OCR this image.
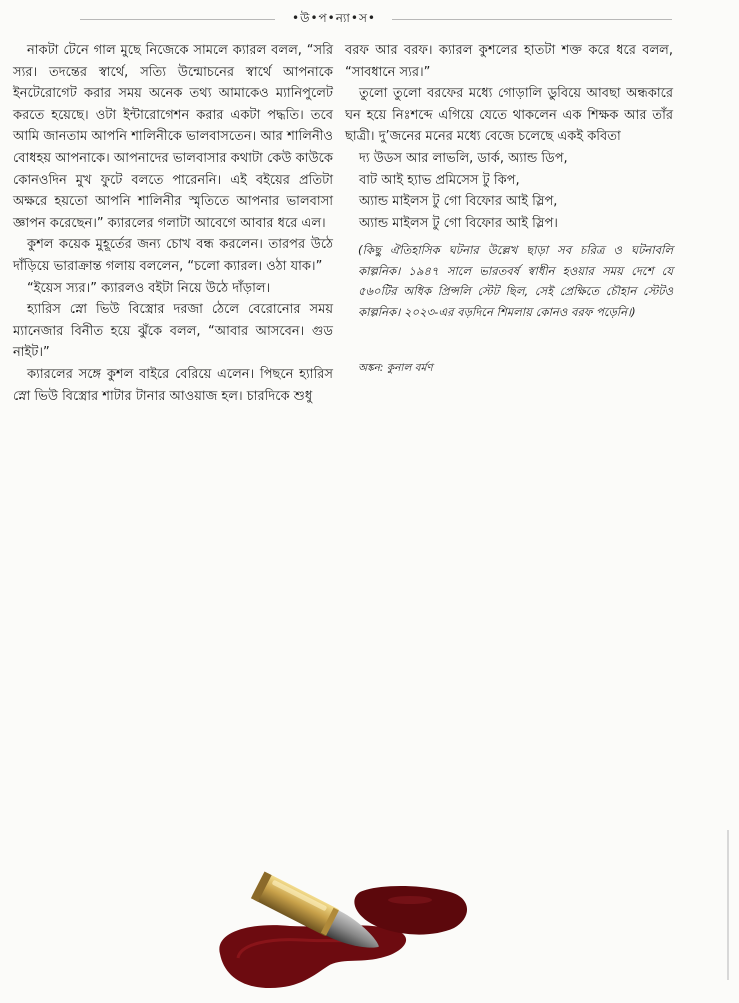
•উ•প•ন্যা•স•

নাকটা টেনে গাল মুছে নিজেকে সামলে ক্যারল বলল, “সরি স্যর। তদন্তের স্বার্থে, সত্যি উন্মোচনের স্বার্থে আপনাকে ইনটেরোগেট করার সময় অনেক তথ্য আমাকেও ম্যানিপুলেট করতে হয়েছে। ওটা ইন্টারোগেশন করার একটা পদ্ধতি। তবে আমি জানতাম আপনি শালিনীকে ভালবাসতেন। আর শালিনীও বোধহয় আপনাকে। আপনাদের ভালবাসার কথাটা কেউ কাউকে কোনওদিন মুখ ফুটে বলতে পারেননি। এই বইয়ের প্রতিটা অক্ষরে হয়তো আপনি শালিনীর স্মৃতিতে আপনার ভালবাসা জ্ঞাপন করেছেন।” ক্যারলের গলাটা আবেগে আবার ধরে এল।

কুশল কয়েক মুহূর্তের জন্য চোখ বন্ধ করলেন। তারপর উঠে দাঁড়িয়ে ভারাক্রান্ত গলায় বললেন, “চলো ক্যারল। ওঠা যাক।”

“ইয়েস স্যর।” ক্যারলও বইটা নিয়ে উঠে দাঁড়াল।

হ্যারিস স্নো ভিউ বিস্ত্রোর দরজা ঠেলে বেরোনোর সময় ম্যানেজার বিনীত হয়ে ঝুঁকে বলল, “আবার আসবেন। গুড নাইট।”

ক্যারলের সঙ্গে কুশল বাইরে বেরিয়ে এলেন। পিছনে হ্যারিস স্নো ভিউ বিস্ত্রোর শাটার টানার আওয়াজ হল। চারদিকে শুধু

বরফ আর বরফ। ক্যারল কুশলের হাতটা শক্ত করে ধরে বলল, “সাবধানে স্যর।”

তুলো তুলো বরফের মধ্যে গোড়ালি ডুবিয়ে আবছা অন্ধকারে ঘন হয়ে নিঃশব্দে এগিয়ে যেতে থাকলেন এক শিক্ষক আর তাঁর ছাত্রী। দু’জনের মনের মধ্যে বেজে চলেছে একই কবিতা

দ্য উডস আর লাভলি, ডার্ক, অ্যান্ড ডিপ,
বাট আই হ্যাভ প্রমিসেস টু কিপ,
অ্যান্ড মাইলস টু গো বিফোর আই স্লিপ,
অ্যান্ড মাইলস টু গো বিফোর আই স্লিপ।
(কিছু ঐতিহাসিক ঘটনার উল্লেখ ছাড়া সব চরিত্র ও ঘটনাবলি কাল্পনিক। ১৯৪৭ সালে ভারতবর্ষ স্বাধীন হওয়ার সময় দেশে যে ৫৬০টির অধিক প্রিন্সলি স্টেট ছিল, সেই প্রেক্ষিতে চৌহান স্টেটও কাল্পনিক। ২০২৩-এর বড়দিনে শিমলায় কোনও বরফ পড়েনি।)
অঙ্কন: কুনাল বর্মণ
